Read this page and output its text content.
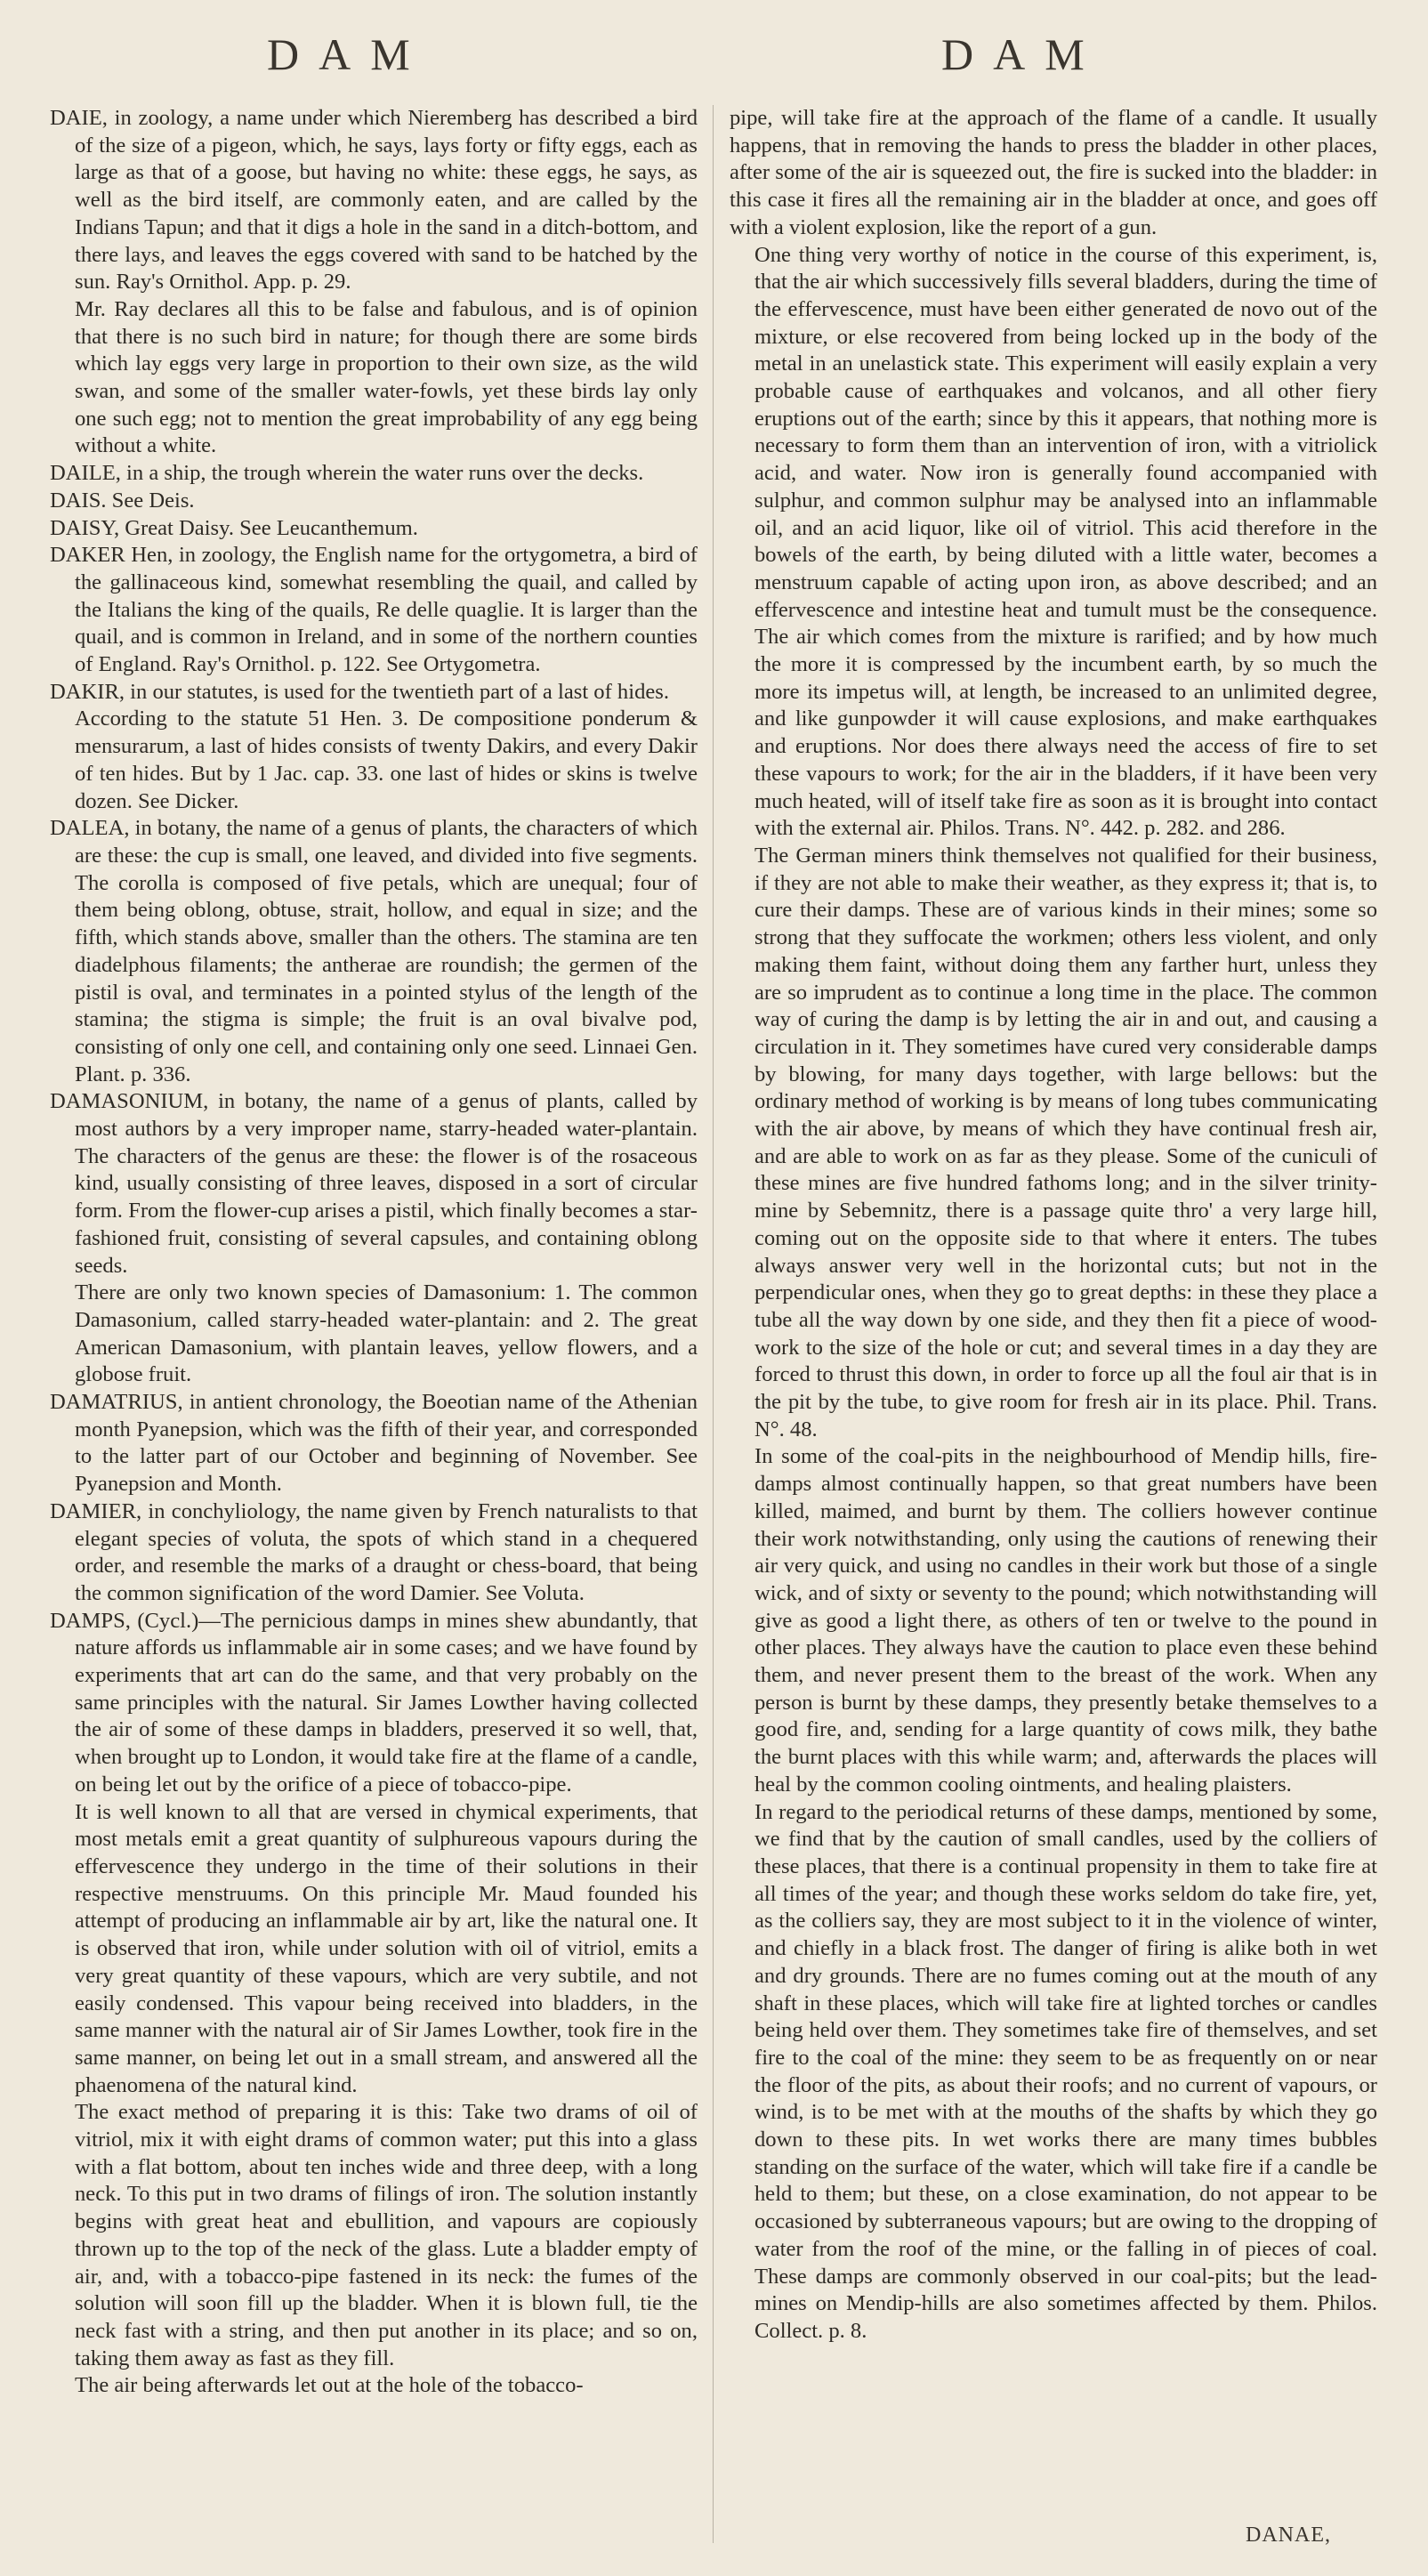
DAM	DAM

DAIE, in zoology, a name under which Nieremberg has described a bird of the size of a pigeon, which, he says, lays forty or fifty eggs, each as large as that of a goose, but having no white: these eggs, he says, as well as the bird itself, are commonly eaten, and are called by the Indians Tapun; and that it digs a hole in the sand in a ditch-bottom, and there lays, and leaves the eggs covered with sand to be hatched by the sun. Ray's Ornithol. App. p. 29.

Mr. Ray declares all this to be false and fabulous, and is of opinion that there is no such bird in nature; for though there are some birds which lay eggs very large in proportion to their own size, as the wild swan, and some of the smaller water-fowls, yet these birds lay only one such egg; not to mention the great improbability of any egg being without a white.

DAILE, in a ship, the trough wherein the water runs over the decks.

DAIS. See Deis.

DAISY, Great Daisy. See Leucanthemum.

DAKER Hen, in zoology, the English name for the ortygometra, a bird of the gallinaceous kind, somewhat resembling the quail, and called by the Italians the king of the quails, Re delle quaglie. It is larger than the quail, and is common in Ireland, and in some of the northern counties of England. Ray's Ornithol. p. 122. See Ortygometra.

DAKIR, in our statutes, is used for the twentieth part of a last of hides.

According to the statute 51 Hen. 3. De compositione ponderum & mensurarum, a last of hides consists of twenty Dakirs, and every Dakir of ten hides. But by 1 Jac. cap. 33. one last of hides or skins is twelve dozen. See Dicker.

DALEA, in botany, the name of a genus of plants, the characters of which are these: the cup is small, one leaved, and divided into five segments. The corolla is composed of five petals, which are unequal; four of them being oblong, obtuse, strait, hollow, and equal in size; and the fifth, which stands above, smaller than the others. The stamina are ten diadelphous filaments; the antherae are roundish; the germen of the pistil is oval, and terminates in a pointed stylus of the length of the stamina; the stigma is simple; the fruit is an oval bivalve pod, consisting of only one cell, and containing only one seed. Linnaei Gen. Plant. p. 336.

DAMASONIUM, in botany, the name of a genus of plants, called by most authors by a very improper name, starry-headed water-plantain. The characters of the genus are these: the flower is of the rosaceous kind, usually consisting of three leaves, disposed in a sort of circular form. From the flower-cup arises a pistil, which finally becomes a star-fashioned fruit, consisting of several capsules, and containing oblong seeds.

There are only two known species of Damasonium: 1. The common Damasonium, called starry-headed water-plantain: and 2. The great American Damasonium, with plantain leaves, yellow flowers, and a globose fruit.

DAMATRIUS, in antient chronology, the Boeotian name of the Athenian month Pyanepsion, which was the fifth of their year, and corresponded to the latter part of our October and beginning of November. See Pyanepsion and Month.

DAMIER, in conchyliology, the name given by French naturalists to that elegant species of voluta, the spots of which stand in a chequered order, and resemble the marks of a draught or chess-board, that being the common signification of the word Damier. See Voluta.

DAMPS, (Cycl.)—The pernicious damps in mines shew abundantly, that nature affords us inflammable air in some cases; and we have found by experiments that art can do the same, and that very probably on the same principles with the natural. Sir James Lowther having collected the air of some of these damps in bladders, preserved it so well, that, when brought up to London, it would take fire at the flame of a candle, on being let out by the orifice of a piece of tobacco-pipe.

It is well known to all that are versed in chymical experiments, that most metals emit a great quantity of sulphureous vapours during the effervescence they undergo in the time of their solutions in their respective menstruums. On this principle Mr. Maud founded his attempt of producing an inflammable air by art, like the natural one. It is observed that iron, while under solution with oil of vitriol, emits a very great quantity of these vapours, which are very subtile, and not easily condensed. This vapour being received into bladders, in the same manner with the natural air of Sir James Lowther, took fire in the same manner, on being let out in a small stream, and answered all the phaenomena of the natural kind.

The exact method of preparing it is this: Take two drams of oil of vitriol, mix it with eight drams of common water; put this into a glass with a flat bottom, about ten inches wide and three deep, with a long neck. To this put in two drams of filings of iron. The solution instantly begins with great heat and ebullition, and vapours are copiously thrown up to the top of the neck of the glass. Lute a bladder empty of air, and, with a tobacco-pipe fastened in its neck: the fumes of the solution will soon fill up the bladder. When it is blown full, tie the neck fast with a string, and then put another in its place; and so on, taking them away as fast as they fill.

The air being afterwards let out at the hole of the tobacco-

pipe, will take fire at the approach of the flame of a candle. It usually happens, that in removing the hands to press the bladder in other places, after some of the air is squeezed out, the fire is sucked into the bladder: in this case it fires all the remaining air in the bladder at once, and goes off with a violent explosion, like the report of a gun.

One thing very worthy of notice in the course of this experiment, is, that the air which successively fills several bladders, during the time of the effervescence, must have been either generated de novo out of the mixture, or else recovered from being locked up in the body of the metal in an unelastick state. This experiment will easily explain a very probable cause of earthquakes and volcanos, and all other fiery eruptions out of the earth; since by this it appears, that nothing more is necessary to form them than an intervention of iron, with a vitriolick acid, and water. Now iron is generally found accompanied with sulphur, and common sulphur may be analysed into an inflammable oil, and an acid liquor, like oil of vitriol. This acid therefore in the bowels of the earth, by being diluted with a little water, becomes a menstruum capable of acting upon iron, as above described; and an effervescence and intestine heat and tumult must be the consequence. The air which comes from the mixture is rarified; and by how much the more it is compressed by the incumbent earth, by so much the more its impetus will, at length, be increased to an unlimited degree, and like gunpowder it will cause explosions, and make earthquakes and eruptions. Nor does there always need the access of fire to set these vapours to work; for the air in the bladders, if it have been very much heated, will of itself take fire as soon as it is brought into contact with the external air. Philos. Trans. N°. 442. p. 282. and 286.

The German miners think themselves not qualified for their business, if they are not able to make their weather, as they express it; that is, to cure their damps. These are of various kinds in their mines; some so strong that they suffocate the workmen; others less violent, and only making them faint, without doing them any farther hurt, unless they are so imprudent as to continue a long time in the place. The common way of curing the damp is by letting the air in and out, and causing a circulation in it. They sometimes have cured very considerable damps by blowing, for many days together, with large bellows: but the ordinary method of working is by means of long tubes communicating with the air above, by means of which they have continual fresh air, and are able to work on as far as they please. Some of the cuniculi of these mines are five hundred fathoms long; and in the silver trinity-mine by Sebemnitz, there is a passage quite thro' a very large hill, coming out on the opposite side to that where it enters. The tubes always answer very well in the horizontal cuts; but not in the perpendicular ones, when they go to great depths: in these they place a tube all the way down by one side, and they then fit a piece of wood-work to the size of the hole or cut; and several times in a day they are forced to thrust this down, in order to force up all the foul air that is in the pit by the tube, to give room for fresh air in its place. Phil. Trans. N°. 48.

In some of the coal-pits in the neighbourhood of Mendip hills, fire-damps almost continually happen, so that great numbers have been killed, maimed, and burnt by them. The colliers however continue their work notwithstanding, only using the cautions of renewing their air very quick, and using no candles in their work but those of a single wick, and of sixty or seventy to the pound; which notwithstanding will give as good a light there, as others of ten or twelve to the pound in other places. They always have the caution to place even these behind them, and never present them to the breast of the work. When any person is burnt by these damps, they presently betake themselves to a good fire, and, sending for a large quantity of cows milk, they bathe the burnt places with this while warm; and, afterwards the places will heal by the common cooling ointments, and healing plaisters.

In regard to the periodical returns of these damps, mentioned by some, we find that by the caution of small candles, used by the colliers of these places, that there is a continual propensity in them to take fire at all times of the year; and though these works seldom do take fire, yet, as the colliers say, they are most subject to it in the violence of winter, and chiefly in a black frost. The danger of firing is alike both in wet and dry grounds. There are no fumes coming out at the mouth of any shaft in these places, which will take fire at lighted torches or candles being held over them. They sometimes take fire of themselves, and set fire to the coal of the mine: they seem to be as frequently on or near the floor of the pits, as about their roofs; and no current of vapours, or wind, is to be met with at the mouths of the shafts by which they go down to these pits. In wet works there are many times bubbles standing on the surface of the water, which will take fire if a candle be held to them; but these, on a close examination, do not appear to be occasioned by subterraneous vapours; but are owing to the dropping of water from the roof of the mine, or the falling in of pieces of coal. These damps are commonly observed in our coal-pits; but the lead-mines on Mendip-hills are also sometimes affected by them. Philos. Collect. p. 8.

DANAE,
